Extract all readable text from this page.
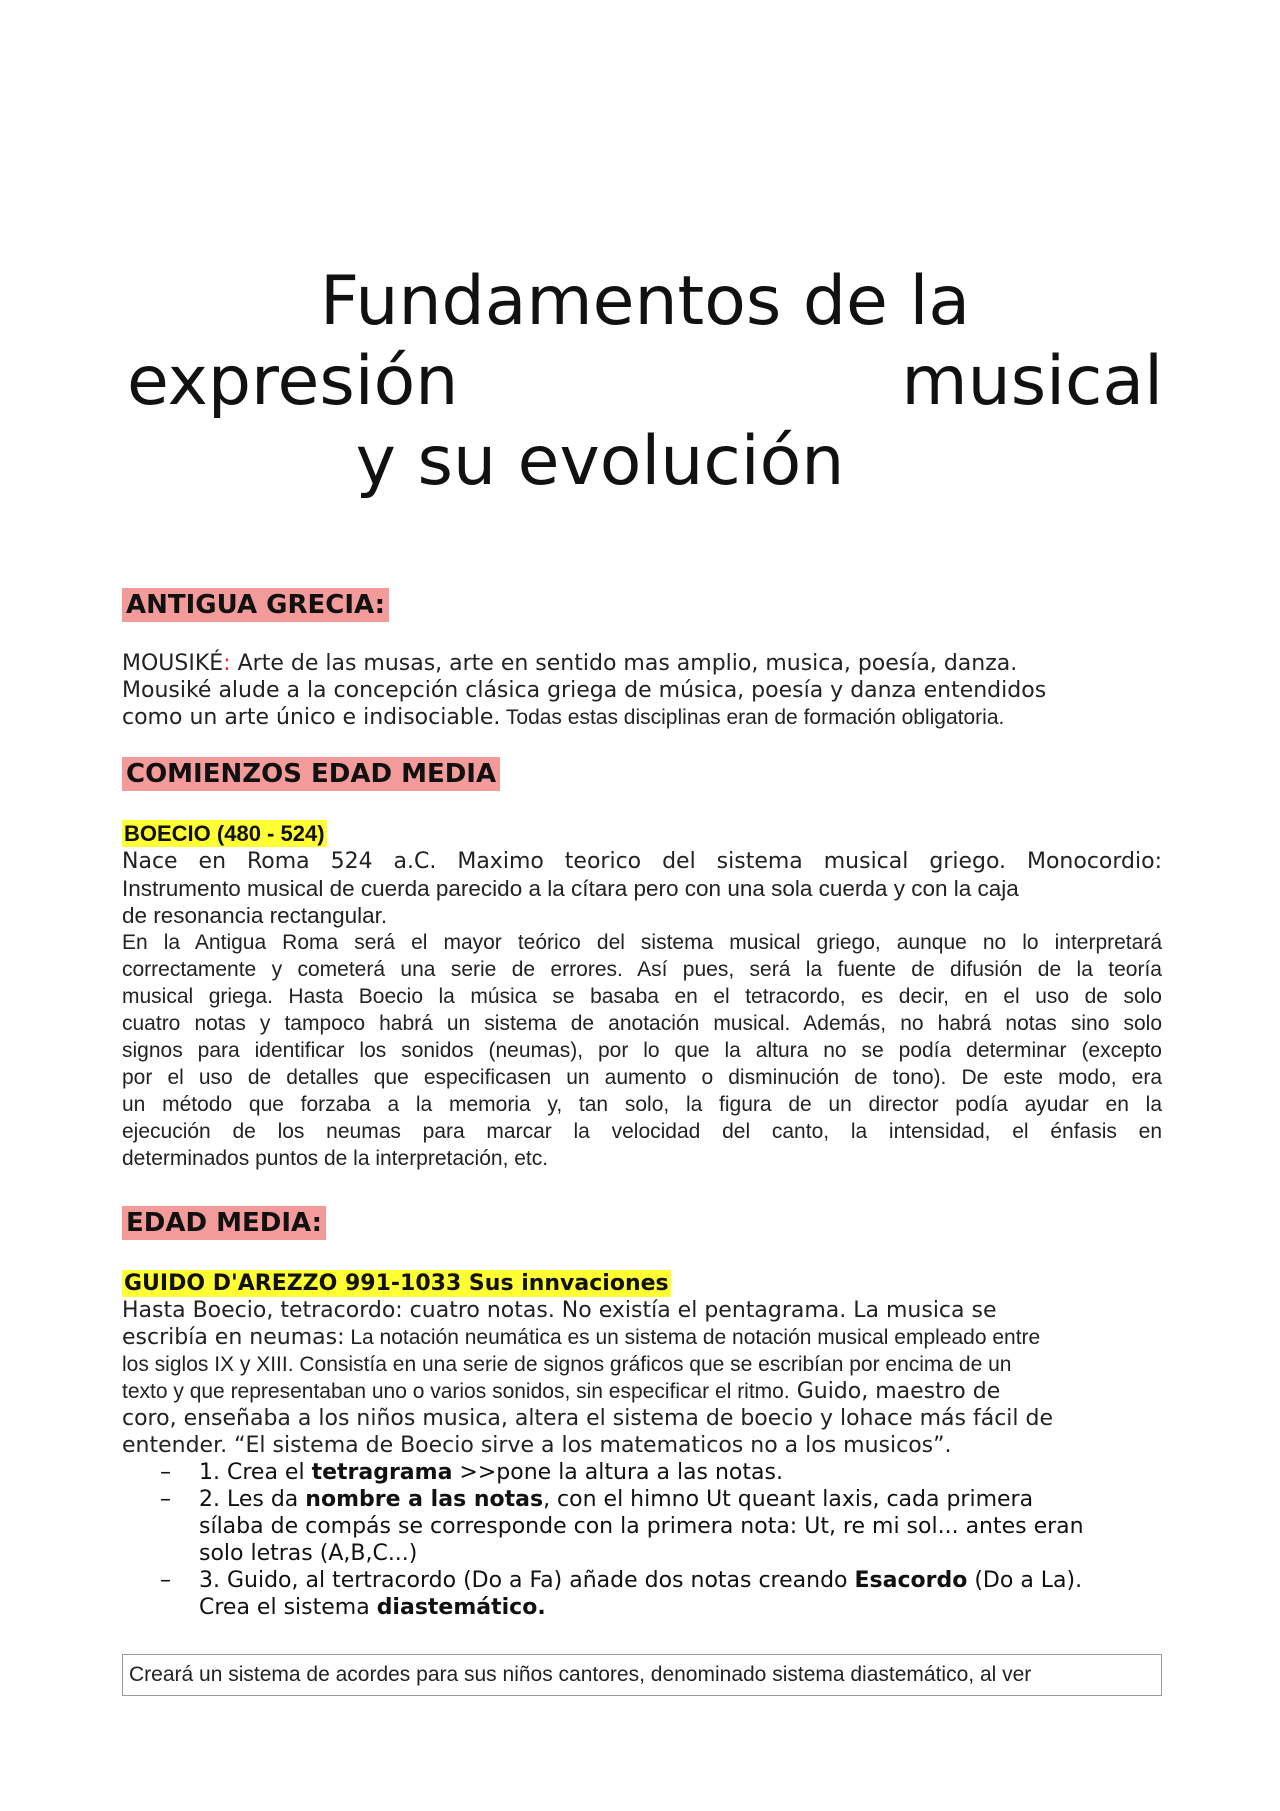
Fundamentos de la
expresión	musical
y su evolución
ANTIGUA GRECIA:
MOUSIKÉ: Arte de las musas, arte en sentido mas amplio, musica, poesía, danza.
Mousiké alude a la concepción clásica griega de música, poesía y danza entendidos
como un arte único e indisociable. Todas estas disciplinas eran de formación obligatoria.
COMIENZOS EDAD MEDIA
BOECIO (480 - 524)
Nace en Roma 524 a.C. Maximo teorico del sistema musical griego. Monocordio:
Instrumento musical de cuerda parecido a la cítara pero con una sola cuerda y con la caja
de resonancia rectangular.
En la Antigua Roma será el mayor teórico del sistema musical griego, aunque no lo interpretará
correctamente y cometerá una serie de errores. Así pues, será la fuente de difusión de la teoría
musical griega. Hasta Boecio la música se basaba en el tetracordo, es decir, en el uso de solo
cuatro notas y tampoco habrá un sistema de anotación musical. Además, no habrá notas sino solo
signos para identificar los sonidos (neumas), por lo que la altura no se podía determinar (excepto
por el uso de detalles que especificasen un aumento o disminución de tono). De este modo, era
un método que forzaba a la memoria y, tan solo, la figura de un director podía ayudar en la
ejecución de los neumas para marcar la velocidad del canto, la intensidad, el énfasis en
determinados puntos de la interpretación, etc.
EDAD MEDIA:
GUIDO D'AREZZO 991-1033 Sus innvaciones
Hasta Boecio, tetracordo: cuatro notas. No existía el pentagrama. La musica se
escribía en neumas: La notación neumática es un sistema de notación musical empleado entre
los siglos IX y XIII. Consistía en una serie de signos gráficos que se escribían por encima de un
texto y que representaban uno o varios sonidos, sin especificar el ritmo. Guido, maestro de
coro, enseñaba a los niños musica, altera el sistema de boecio y lohace más fácil de
entender. “El sistema de Boecio sirve a los matematicos no a los musicos”.
–	1. Crea el tetragrama >>pone la altura a las notas.
–	2. Les da nombre a las notas, con el himno Ut queant laxis, cada primera
sílaba de compás se corresponde con la primera nota: Ut, re mi sol... antes eran
solo letras (A,B,C...)
–	3. Guido, al tertracordo (Do a Fa) añade dos notas creando Esacordo (Do a La).
Crea el sistema diastemático.
Creará un sistema de acordes para sus niños cantores, denominado sistema diastemático, al ver
